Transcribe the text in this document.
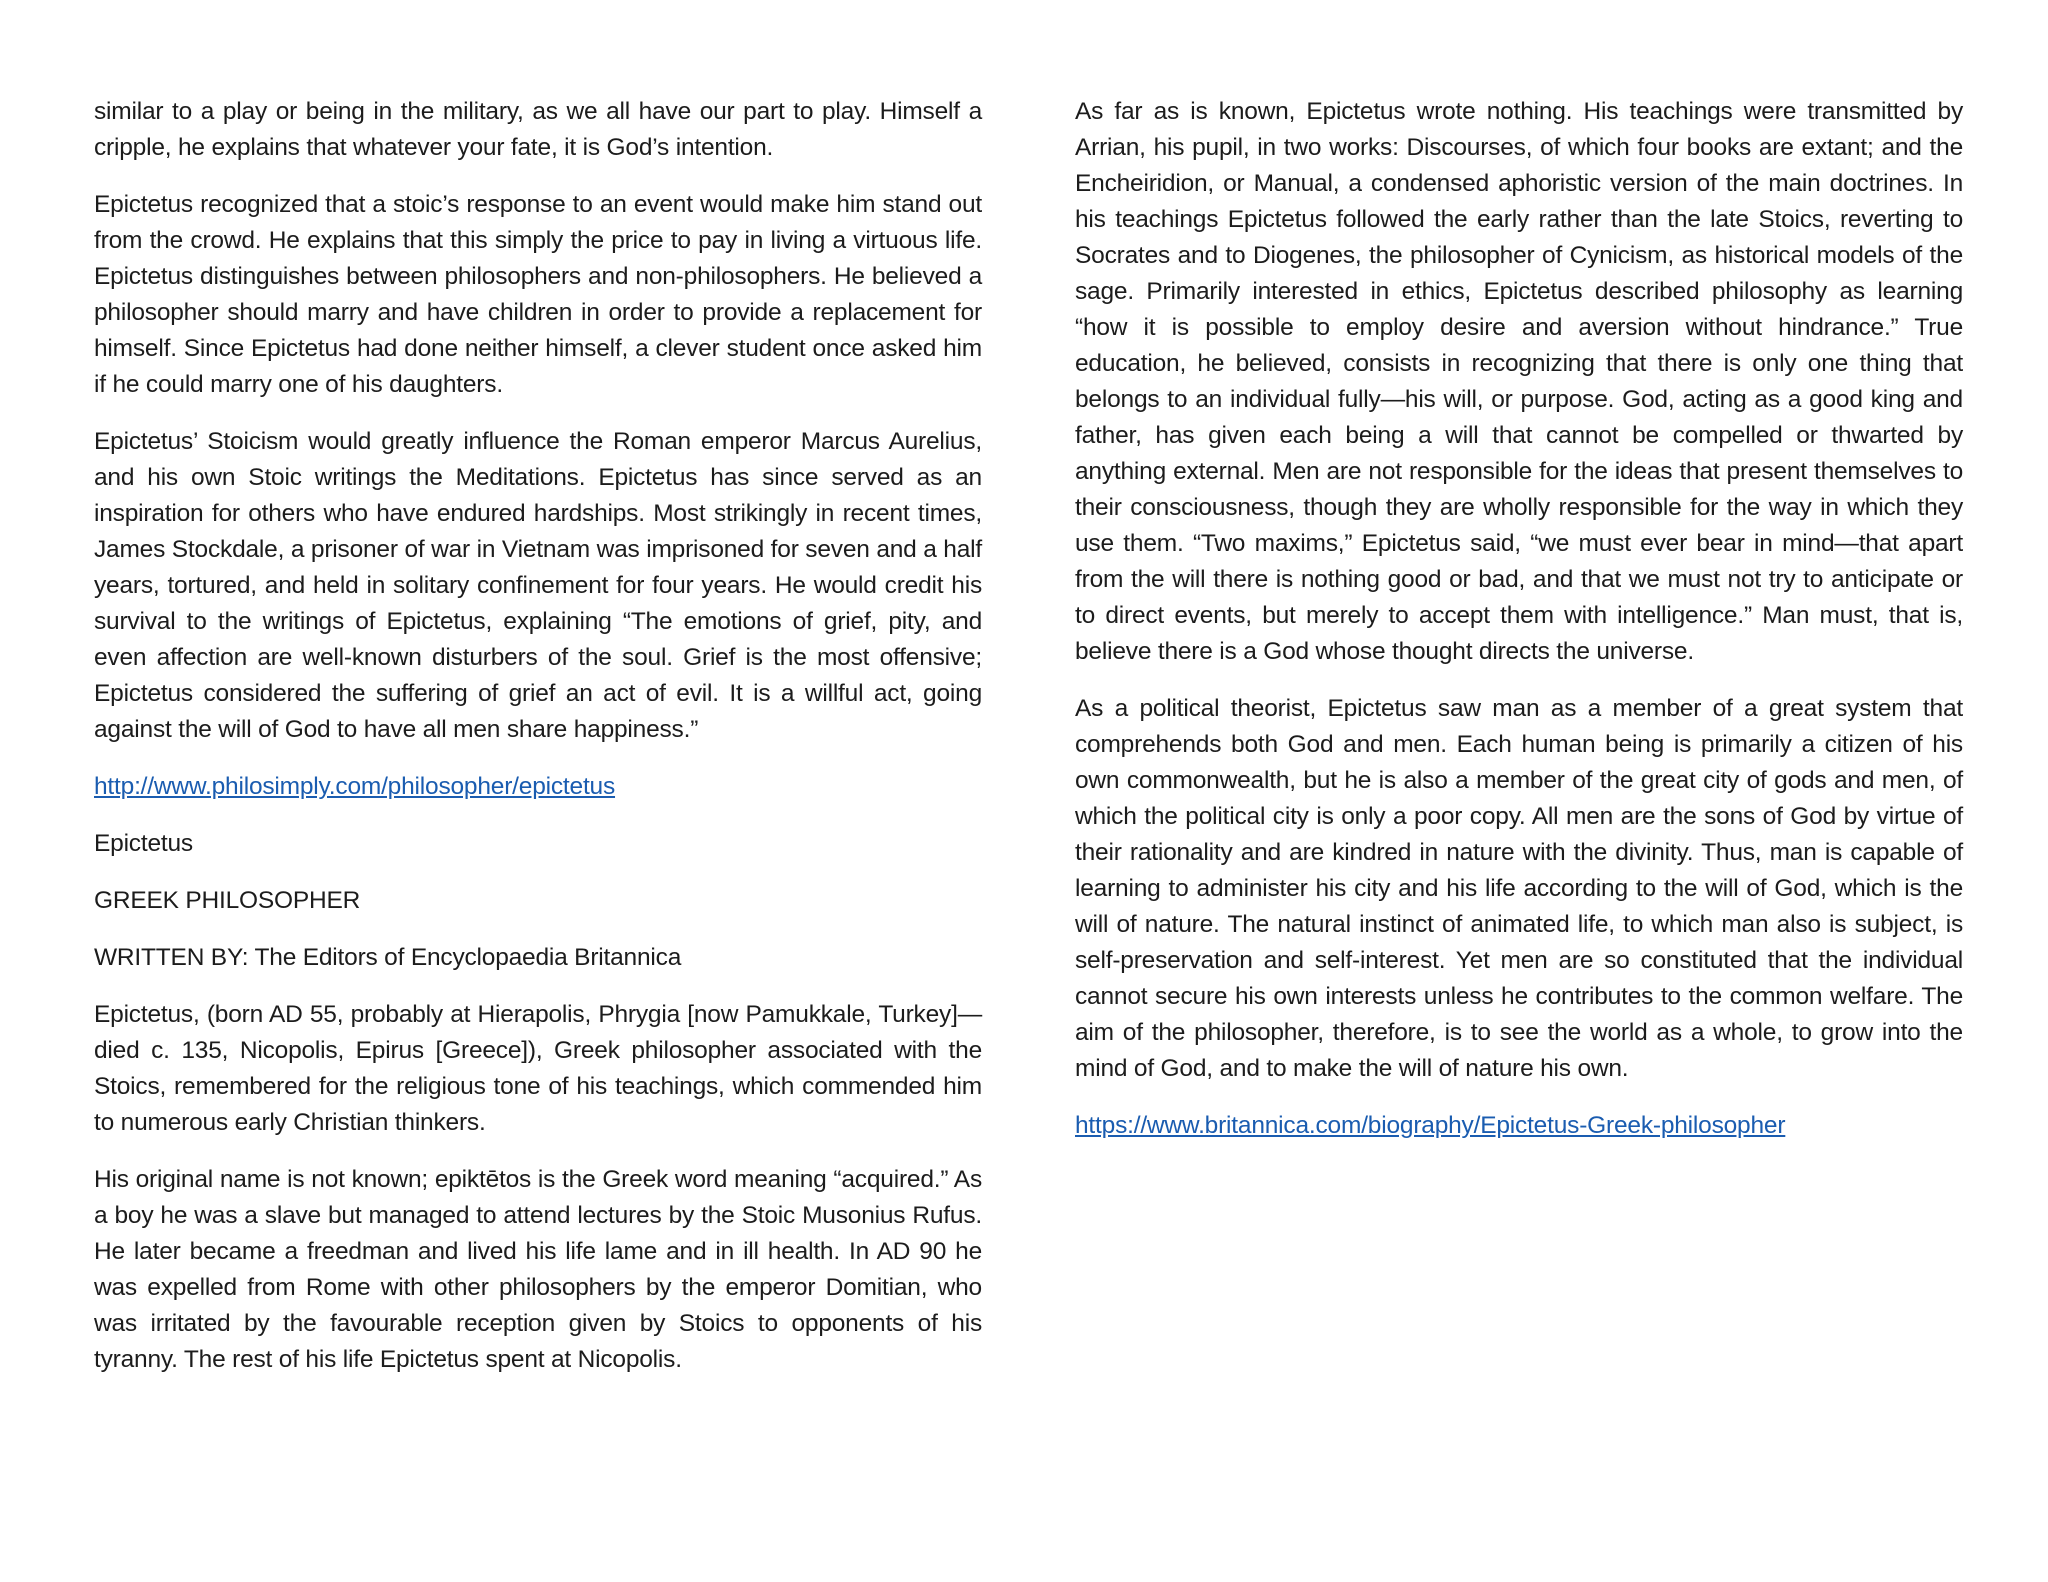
similar to a play or being in the military, as we all have our part to play. Himself a cripple, he explains that whatever your fate, it is God’s intention.

Epictetus recognized that a stoic’s response to an event would make him stand out from the crowd. He explains that this simply the price to pay in living a virtuous life. Epictetus distinguishes between philosophers and non-philosophers. He believed a philosopher should marry and have children in order to provide a replacement for himself. Since Epictetus had done neither himself, a clever student once asked him if he could marry one of his daughters.

Epictetus’ Stoicism would greatly influence the Roman emperor Marcus Aurelius, and his own Stoic writings the Meditations. Epictetus has since served as an inspiration for others who have endured hardships. Most strikingly in recent times, James Stockdale, a prisoner of war in Vietnam was imprisoned for seven and a half years, tortured, and held in solitary confinement for four years. He would credit his survival to the writings of Epictetus, explaining “The emotions of grief, pity, and even affection are well-known disturbers of the soul. Grief is the most offensive; Epictetus considered the suffering of grief an act of evil. It is a willful act, going against the will of God to have all men share happiness.”

http://www.philosimply.com/philosopher/epictetus

Epictetus

GREEK PHILOSOPHER

WRITTEN BY: The Editors of Encyclopaedia Britannica

Epictetus, (born AD 55, probably at Hierapolis, Phrygia [now Pamukkale, Turkey]—died c. 135, Nicopolis, Epirus [Greece]), Greek philosopher associated with the Stoics, remembered for the religious tone of his teachings, which commended him to numerous early Christian thinkers.

His original name is not known; epiktētos is the Greek word meaning “acquired.” As a boy he was a slave but managed to attend lectures by the Stoic Musonius Rufus. He later became a freedman and lived his life lame and in ill health. In AD 90 he was expelled from Rome with other philosophers by the emperor Domitian, who was irritated by the favourable reception given by Stoics to opponents of his tyranny. The rest of his life Epictetus spent at Nicopolis.

As far as is known, Epictetus wrote nothing. His teachings were transmitted by Arrian, his pupil, in two works: Discourses, of which four books are extant; and the Encheiridion, or Manual, a condensed aphoristic version of the main doctrines. In his teachings Epictetus followed the early rather than the late Stoics, reverting to Socrates and to Diogenes, the philosopher of Cynicism, as historical models of the sage. Primarily interested in ethics, Epictetus described philosophy as learning “how it is possible to employ desire and aversion without hindrance.” True education, he believed, consists in recognizing that there is only one thing that belongs to an individual fully—his will, or purpose. God, acting as a good king and father, has given each being a will that cannot be compelled or thwarted by anything external. Men are not responsible for the ideas that present themselves to their consciousness, though they are wholly responsible for the way in which they use them. “Two maxims,” Epictetus said, “we must ever bear in mind—that apart from the will there is nothing good or bad, and that we must not try to anticipate or to direct events, but merely to accept them with intelligence.” Man must, that is, believe there is a God whose thought directs the universe.

As a political theorist, Epictetus saw man as a member of a great system that comprehends both God and men. Each human being is primarily a citizen of his own commonwealth, but he is also a member of the great city of gods and men, of which the political city is only a poor copy. All men are the sons of God by virtue of their rationality and are kindred in nature with the divinity. Thus, man is capable of learning to administer his city and his life according to the will of God, which is the will of nature. The natural instinct of animated life, to which man also is subject, is self-preservation and self-interest. Yet men are so constituted that the individual cannot secure his own interests unless he contributes to the common welfare. The aim of the philosopher, therefore, is to see the world as a whole, to grow into the mind of God, and to make the will of nature his own.

https://www.britannica.com/biography/Epictetus-Greek-philosopher
